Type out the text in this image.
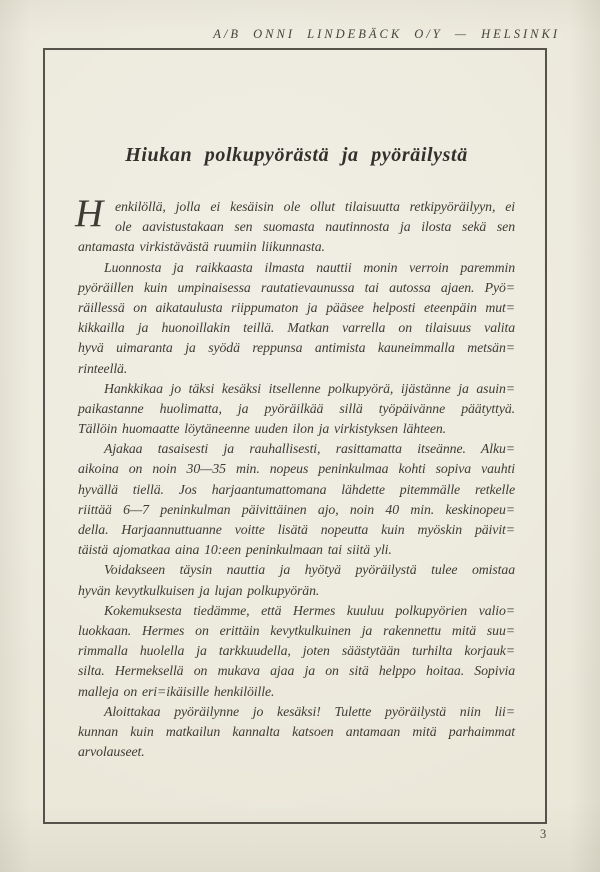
A/B ONNI LINDEBÄCK O/Y — HELSINKI
Hiukan polkupyörästä ja pyöräilystä
H enkilöllä, jolla ei kesäisin ole ollut tilaisuutta retkipyöräilyyn, ei
ole aavistustakaan sen suomasta nautinnosta ja ilosta sekä sen
antamasta virkistävästä ruumiin liikunnasta.
Luonnosta ja raikkaasta ilmasta nauttii monin verroin paremmin
pyöräillen kuin umpinaisessa rautatievaunussa tai autossa ajaen. Pyö=
räillessä on aikataulusta riippumaton ja pääsee helposti eteenpäin mut=
kikkailla ja huonoillakin teillä. Matkan varrella on tilaisuus valita
hyvä uimaranta ja syödä reppunsa antimista kauneimmalla metsän=
rinteellä.
Hankkikaa jo täksi kesäksi itsellenne polkupyörä, ijästänne ja asuin=
paikastanne huolimatta, ja pyöräilkää sillä työpäivänne päätyttyä.
Tällöin huomaatte löytäneenne uuden ilon ja virkistyksen lähteen.
Ajakaa tasaisesti ja rauhallisesti, rasittamatta itseänne. Alku=
aikoina on noin 30—35 min. nopeus peninkulmaa kohti sopiva vauhti
hyvällä tiellä. Jos harjaantumattomana lähdette pitemmälle retkelle
riittää 6—7 peninkulman päivittäinen ajo, noin 40 min. keskinopeu=
della. Harjaannuttuanne voitte lisätä nopeutta kuin myöskin päivit=
täistä ajomatkaa aina 10:een peninkulmaan tai siitä yli.
Voidakseen täysin nauttia ja hyötyä pyöräilystä tulee omistaa
hyvän kevytkulkuisen ja lujan polkupyörän.
Kokemuksesta tiedämme, että Hermes kuuluu polkupyörien valio=
luokkaan. Hermes on erittäin kevytkulkuinen ja rakennettu mitä suu=
rimmalla huolella ja tarkkuudella, joten säästytään turhilta korjauk=
silta. Hermeksellä on mukava ajaa ja on sitä helppo hoitaa. Sopivia
malleja on eri=ikäisille henkilöille.
Aloittakaa pyöräilynne jo kesäksi! Tulette pyöräilystä niin lii=
kunnan kuin matkailun kannalta katsoen antamaan mitä parhaimmat
arvolauseet.
3
